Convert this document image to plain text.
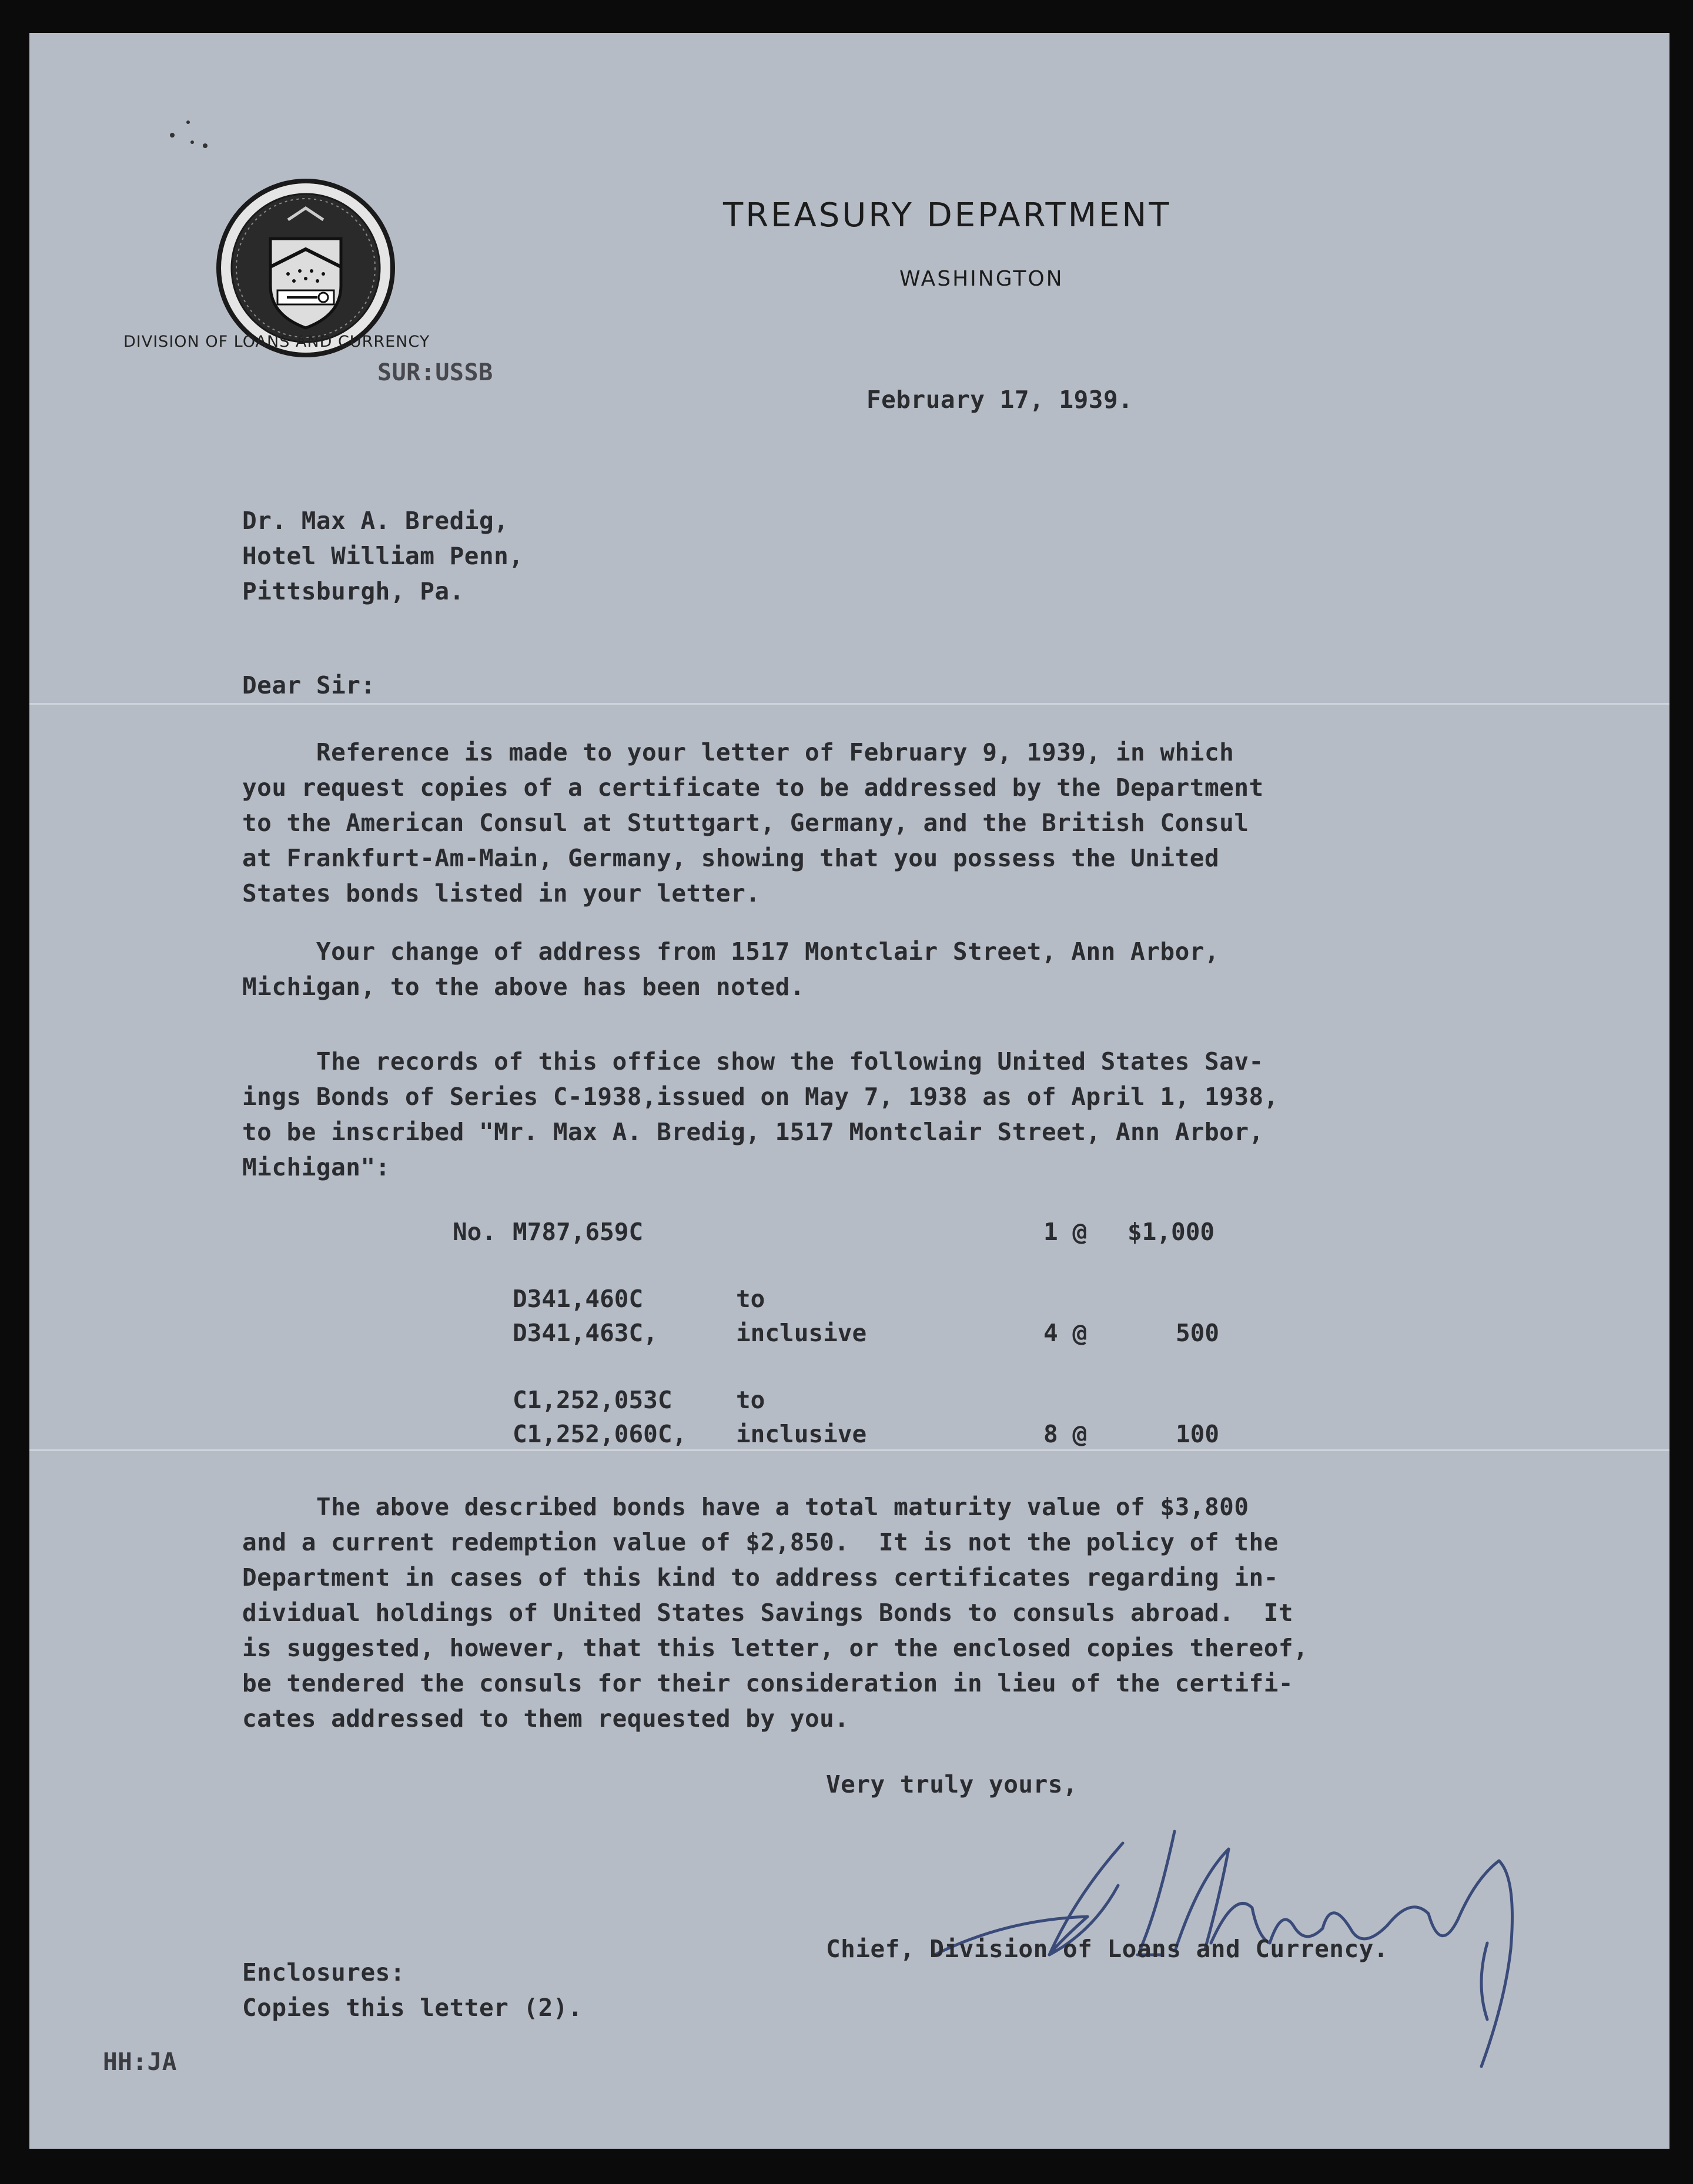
TREASURY DEPARTMENT
WASHINGTON
DIVISION OF LOANS AND CURRENCY
SUR:USSB
February 17, 1939.
Dr. Max A. Bredig,
Hotel William Penn,
Pittsburgh, Pa.
Dear Sir:
Reference is made to your letter of February 9, 1939, in which
you request copies of a certificate to be addressed by the Department
to the American Consul at Stuttgart, Germany, and the British Consul
at Frankfurt-Am-Main, Germany, showing that you possess the United
States bonds listed in your letter.
Your change of address from 1517 Montclair Street, Ann Arbor,
Michigan, to the above has been noted.
The records of this office show the following United States Sav-
ings Bonds of Series C-1938,issued on May 7, 1938 as of April 1, 1938,
to be inscribed "Mr. Max A. Bredig, 1517 Montclair Street, Ann Arbor,
Michigan":
No. M787,659C	1 @ $1,000
D341,460C	to
D341,463C,	inclusive	4 @	500
C1,252,053C	to
C1,252,060C, inclusive	8 @	100
The above described bonds have a total maturity value of $3,800
and a current redemption value of $2,850.  It is not the policy of the
Department in cases of this kind to address certificates regarding in-
dividual holdings of United States Savings Bonds to consuls abroad.  It
is suggested, however, that this letter, or the enclosed copies thereof,
be tendered the consuls for their consideration in lieu of the certifi-
cates addressed to them requested by you.
Very truly yours,
Chief, Division of Loans and Currency.
Enclosures:
Copies this letter (2).
HH:JA
